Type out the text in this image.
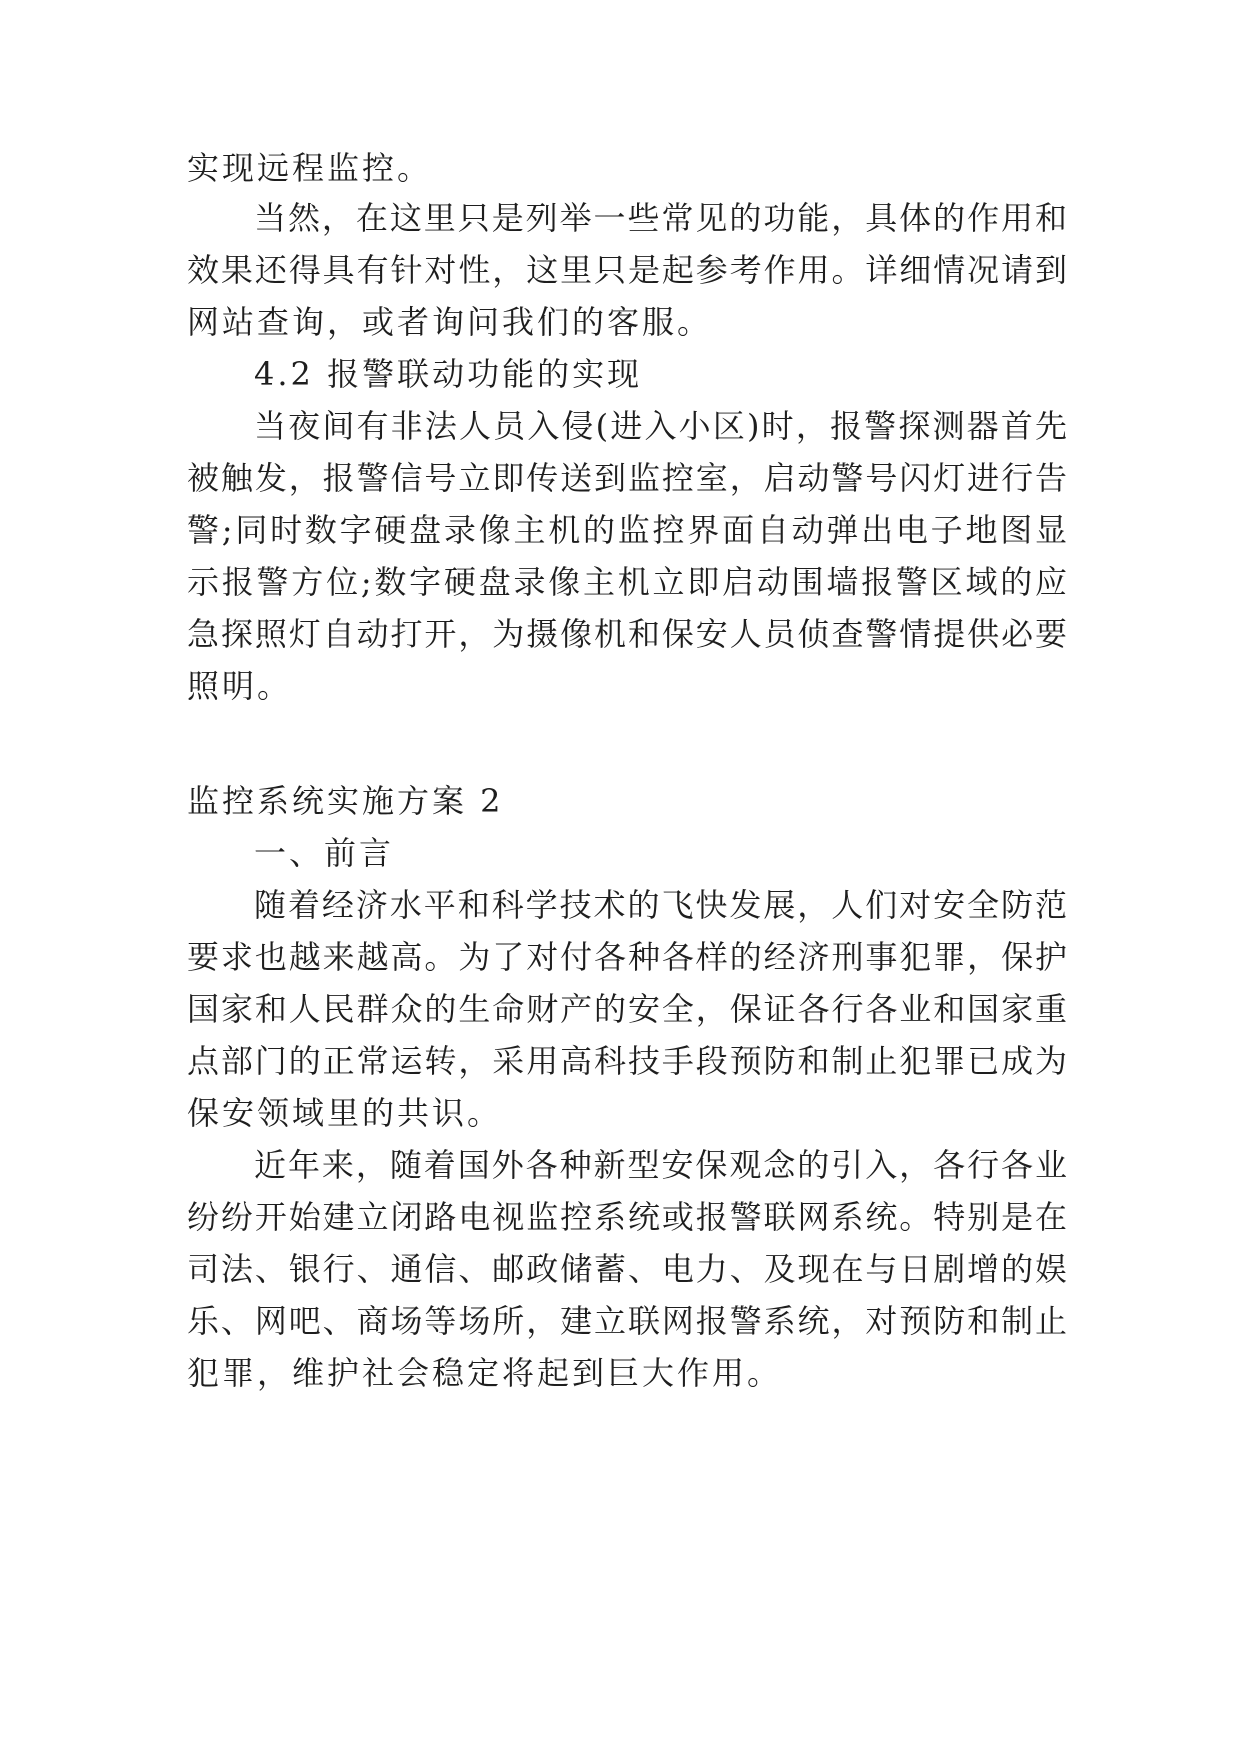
实现远程监控。
当然，在这里只是列举一些常见的功能，具体的作用和
效果还得具有针对性，这里只是起参考作用。详细情况请到
网站查询，或者询问我们的客服。
4.2 报警联动功能的实现
当夜间有非法人员入侵(进入小区)时，报警探测器首先
被触发，报警信号立即传送到监控室，启动警号闪灯进行告
警;同时数字硬盘录像主机的监控界面自动弹出电子地图显
示报警方位;数字硬盘录像主机立即启动围墙报警区域的应
急探照灯自动打开，为摄像机和保安人员侦查警情提供必要
照明。
监控系统实施方案 2
一、前言
随着经济水平和科学技术的飞快发展，人们对安全防范
要求也越来越高。为了对付各种各样的经济刑事犯罪，保护
国家和人民群众的生命财产的安全，保证各行各业和国家重
点部门的正常运转，采用高科技手段预防和制止犯罪已成为
保安领域里的共识。
近年来，随着国外各种新型安保观念的引入，各行各业
纷纷开始建立闭路电视监控系统或报警联网系统。特别是在
司法、银行、通信、邮政储蓄、电力、及现在与日剧增的娱
乐、网吧、商场等场所，建立联网报警系统，对预防和制止
犯罪，维护社会稳定将起到巨大作用。
